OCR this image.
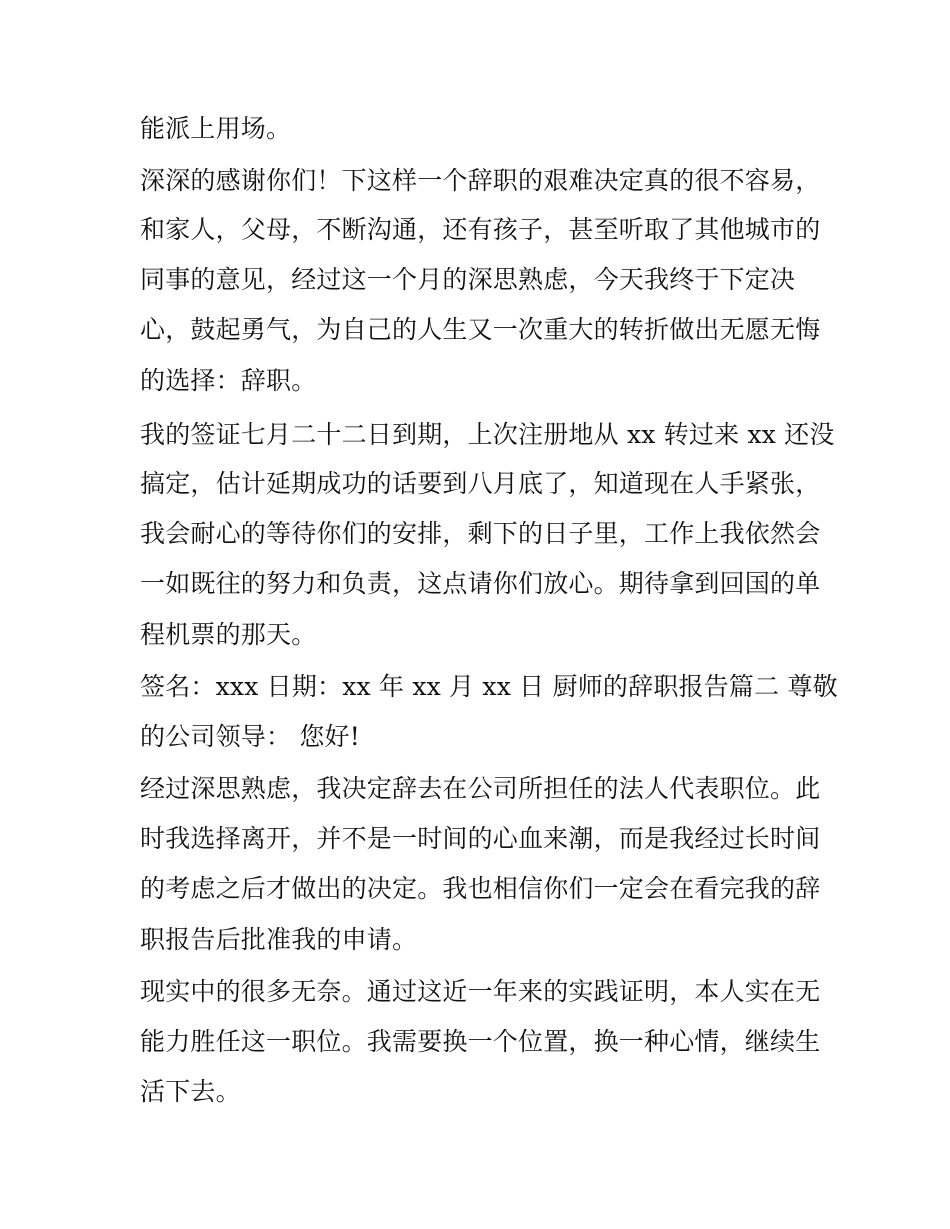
能派上用场。
深深的感谢你们！下这样一个辞职的艰难决定真的很不容易，
和家人，父母，不断沟通，还有孩子，甚至听取了其他城市的
同事的意见，经过这一个月的深思熟虑，今天我终于下定决
心，鼓起勇气，为自己的人生又一次重大的转折做出无愿无悔
的选择：辞职。
我的签证七月二十二日到期，上次注册地从 xx 转过来 xx 还没
搞定，估计延期成功的话要到八月底了，知道现在人手紧张，
我会耐心的等待你们的安排，剩下的日子里，工作上我依然会
一如既往的努力和负责，这点请你们放心。期待拿到回国的单
程机票的那天。
签名：xxx 日期：xx 年 xx 月 xx 日 厨师的辞职报告篇二 尊敬
的公司领导： 您好!
经过深思熟虑，我决定辞去在公司所担任的法人代表职位。此
时我选择离开，并不是一时间的心血来潮，而是我经过长时间
的考虑之后才做出的决定。我也相信你们一定会在看完我的辞
职报告后批准我的申请。
现实中的很多无奈。通过这近一年来的实践证明，本人实在无
能力胜任这一职位。我需要换一个位置，换一种心情，继续生
活下去。
